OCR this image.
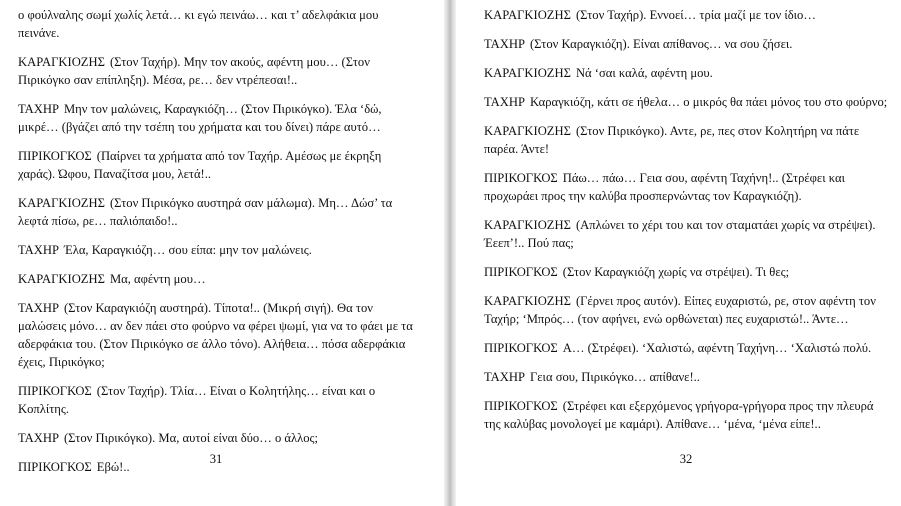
ο φούλναλης σωμί χωλίς λετά… κι εγώ πεινάω… και τ’ αδελφάκια μου πεινάνε.

ΚΑΡΑΓΚΙΟΖΗΣ (Στον Ταχήρ). Μην τον ακούς, αφέντη μου… (Στον Πιρικόγκο σαν επίπληξη). Μέσα, ρε… δεν ντρέπεσαι!..

ΤΑΧΗΡ Μην τον μαλώνεις, Καραγκιόζη… (Στον Πιρικόγκο). Έλα ‘δώ, μικρέ… (βγάζει από την τσέπη του χρήματα και του δίνει) πάρε αυτό…

ΠΙΡΙΚΟΓΚΟΣ (Παίρνει τα χρήματα από τον Ταχήρ. Αμέσως με έκρηξη χαράς). Ώφου, Παναζίτσα μου, λετά!..

ΚΑΡΑΓΚΙΟΖΗΣ (Στον Πιρικόγκο αυστηρά σαν μάλωμα). Μη… Δώσ’ τα λεφτά πίσω, ρε… παλιόπαιδο!..

ΤΑΧΗΡ Έλα, Καραγκιόζη… σου είπα: μην τον μαλώνεις.

ΚΑΡΑΓΚΙΟΖΗΣ Μα, αφέντη μου…

ΤΑΧΗΡ (Στον Καραγκιόζη αυστηρά). Τίποτα!.. (Μικρή σιγή). Θα τον μαλώσεις μόνο… αν δεν πάει στο φούρνο να φέρει ψωμί, για να το φάει με τα αδερφάκια του. (Στον Πιρικόγκο σε άλλο τόνο). Αλήθεια… πόσα αδερφάκια έχεις, Πιρικόγκο;

ΠΙΡΙΚΟΓΚΟΣ (Στον Ταχήρ). Τλία… Είναι ο Κολητήλης… είναι και ο Κοπλίτης.

ΤΑΧΗΡ (Στον Πιρικόγκο). Μα, αυτοί είναι δύο… ο άλλος;

ΠΙΡΙΚΟΓΚΟΣ Εβώ!..

31

ΚΑΡΑΓΚΙΟΖΗΣ (Στον Ταχήρ). Εννοεί… τρία μαζί με τον ίδιο…

ΤΑΧΗΡ (Στον Καραγκιόζη). Είναι απίθανος… να σου ζήσει.

ΚΑΡΑΓΚΙΟΖΗΣ Νά ‘σαι καλά, αφέντη μου.

ΤΑΧΗΡ Καραγκιόζη, κάτι σε ήθελα… ο μικρός θα πάει μόνος του στο φούρνο;

ΚΑΡΑΓΚΙΟΖΗΣ (Στον Πιρικόγκο). Αντε, ρε, πες στον Κολητήρη να πάτε παρέα. Άντε!

ΠΙΡΙΚΟΓΚΟΣ Πάω… πάω… Γεια σου, αφέντη Ταχήνη!.. (Στρέφει και προχωράει προς την καλύβα προσπερνώντας τον Καραγκιόζη).

ΚΑΡΑΓΚΙΟΖΗΣ (Απλώνει το χέρι του και τον σταματάει χωρίς να στρέψει). Έεεπ’!.. Πού πας;

ΠΙΡΙΚΟΓΚΟΣ (Στον Καραγκιόζη χωρίς να στρέψει). Τι θες;

ΚΑΡΑΓΚΙΟΖΗΣ (Γέρνει προς αυτόν). Είπες ευχαριστώ, ρε, στον αφέντη τον Ταχήρ; ‘Μπρός… (τον αφήνει, ενώ ορθώνεται) πες ευχαριστώ!.. Άντε…

ΠΙΡΙΚΟΓΚΟΣ Α… (Στρέφει). ‘Χαλιστώ, αφέντη Ταχήνη… ‘Χαλιστώ πολύ.

ΤΑΧΗΡ Γεια σου, Πιρικόγκο… απίθανε!..

ΠΙΡΙΚΟΓΚΟΣ (Στρέφει και εξερχόμενος γρήγορα-γρήγορα προς την πλευρά της καλύβας μονολογεί με καμάρι). Απίθανε… ‘μένα, ‘μένα είπε!..

32
